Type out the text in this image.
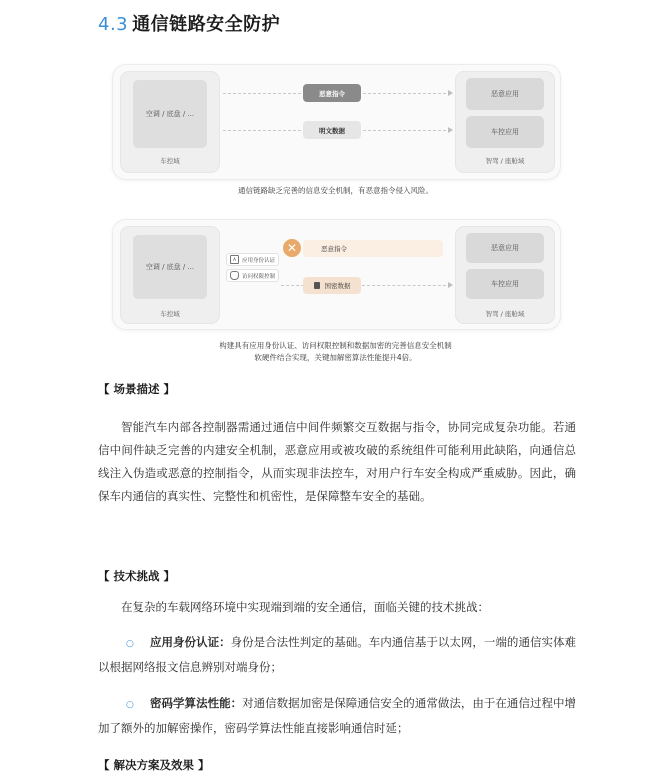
4.3 通信链路安全防护
空调 / 底盘 / ...
车控域
恶意指令
明文数据
恶意应用
车控应用
智驾 / 座舱域
通信链路缺乏完善的信息安全机制，有恶意指令侵入风险。
空调 / 底盘 / ...
车控域
A	应用身份认证
访问权限控制
✕	恶意指令
国密数据
恶意应用
车控应用
智驾 / 座舱域
构建具有应用身份认证、访问权限控制和数据加密的完善信息安全机制
软硬件结合实现，关键加解密算法性能提升4倍。
【 场景描述 】
智能汽车内部各控制器需通过通信中间件频繁交互数据与指令，协同完成复杂功能。若通信中间件缺乏完善的内建安全机制，恶意应用或被攻破的系统组件可能利用此缺陷，向通信总线注入伪造或恶意的控制指令，从而实现非法控车，对用户行车安全构成严重威胁。因此，确保车内通信的真实性、完整性和机密性，是保障整车安全的基础。
【 技术挑战 】
在复杂的车载网络环境中实现端到端的安全通信，面临关键的技术挑战：
○ 应用身份认证：身份是合法性判定的基础。车内通信基于以太网，一端的通信实体难以根据网络报文信息辨别对端身份；
○ 密码学算法性能：对通信数据加密是保障通信安全的通常做法，由于在通信过程中增加了额外的加解密操作，密码学算法性能直接影响通信时延；
【 解决方案及效果 】
